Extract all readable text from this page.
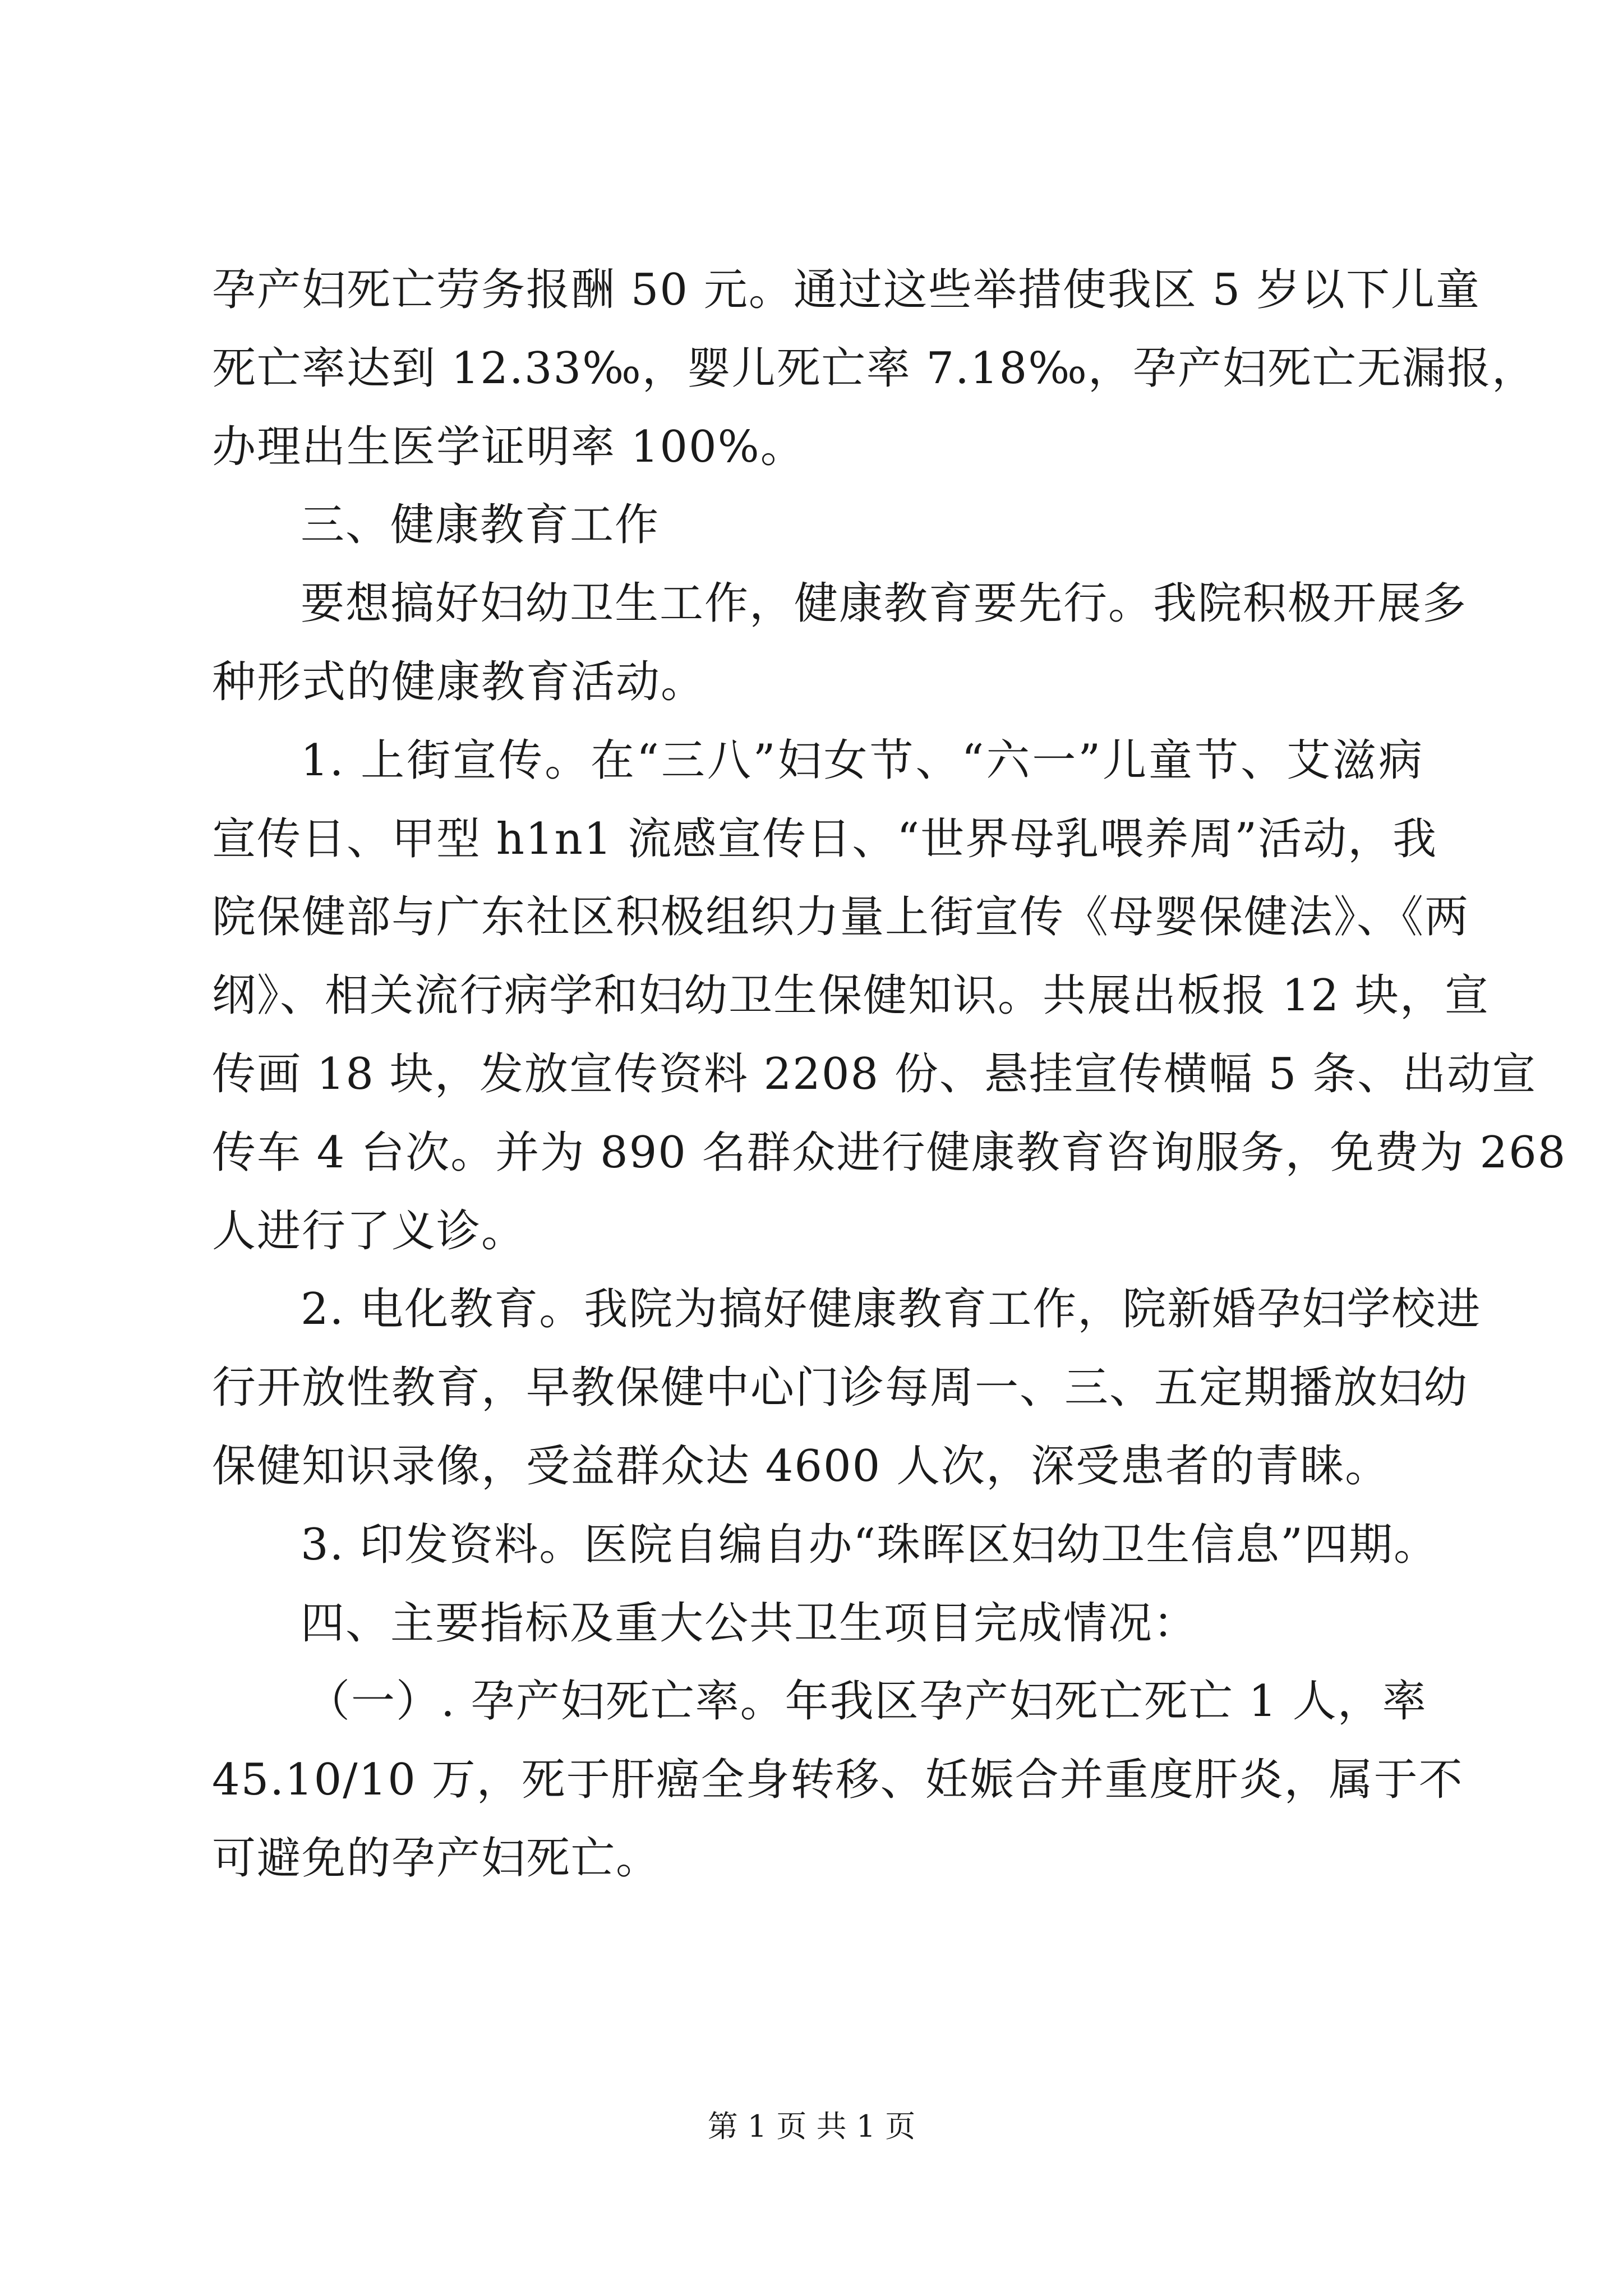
孕产妇死亡劳务报酬 50 元。通过这些举措使我区 5 岁以下儿童
死亡率达到 12.33‰，婴儿死亡率 7.18‰，孕产妇死亡无漏报，
办理出生医学证明率 100%。
三、健康教育工作
要想搞好妇幼卫生工作，健康教育要先行。我院积极开展多
种形式的健康教育活动。
1. 上街宣传。在“三八”妇女节、“六一”儿童节、艾滋病
宣传日、甲型 h1n1 流感宣传日、“世界母乳喂养周”活动，我
院保健部与广东社区积极组织力量上街宣传《母婴保健法》、《两
纲》、相关流行病学和妇幼卫生保健知识。共展出板报 12 块，宣
传画 18 块，发放宣传资料 2208 份、悬挂宣传横幅 5 条、出动宣
传车 4 台次。并为 890 名群众进行健康教育咨询服务，免费为 268
人进行了义诊。
2. 电化教育。我院为搞好健康教育工作，院新婚孕妇学校进
行开放性教育，早教保健中心门诊每周一、三、五定期播放妇幼
保健知识录像，受益群众达 4600 人次，深受患者的青睐。
3. 印发资料。医院自编自办“珠晖区妇幼卫生信息”四期。
四、主要指标及重大公共卫生项目完成情况：
（一）. 孕产妇死亡率。年我区孕产妇死亡死亡 1 人，率
45.10/10 万，死于肝癌全身转移、妊娠合并重度肝炎，属于不
可避免的孕产妇死亡。
第 1 页 共 1 页
